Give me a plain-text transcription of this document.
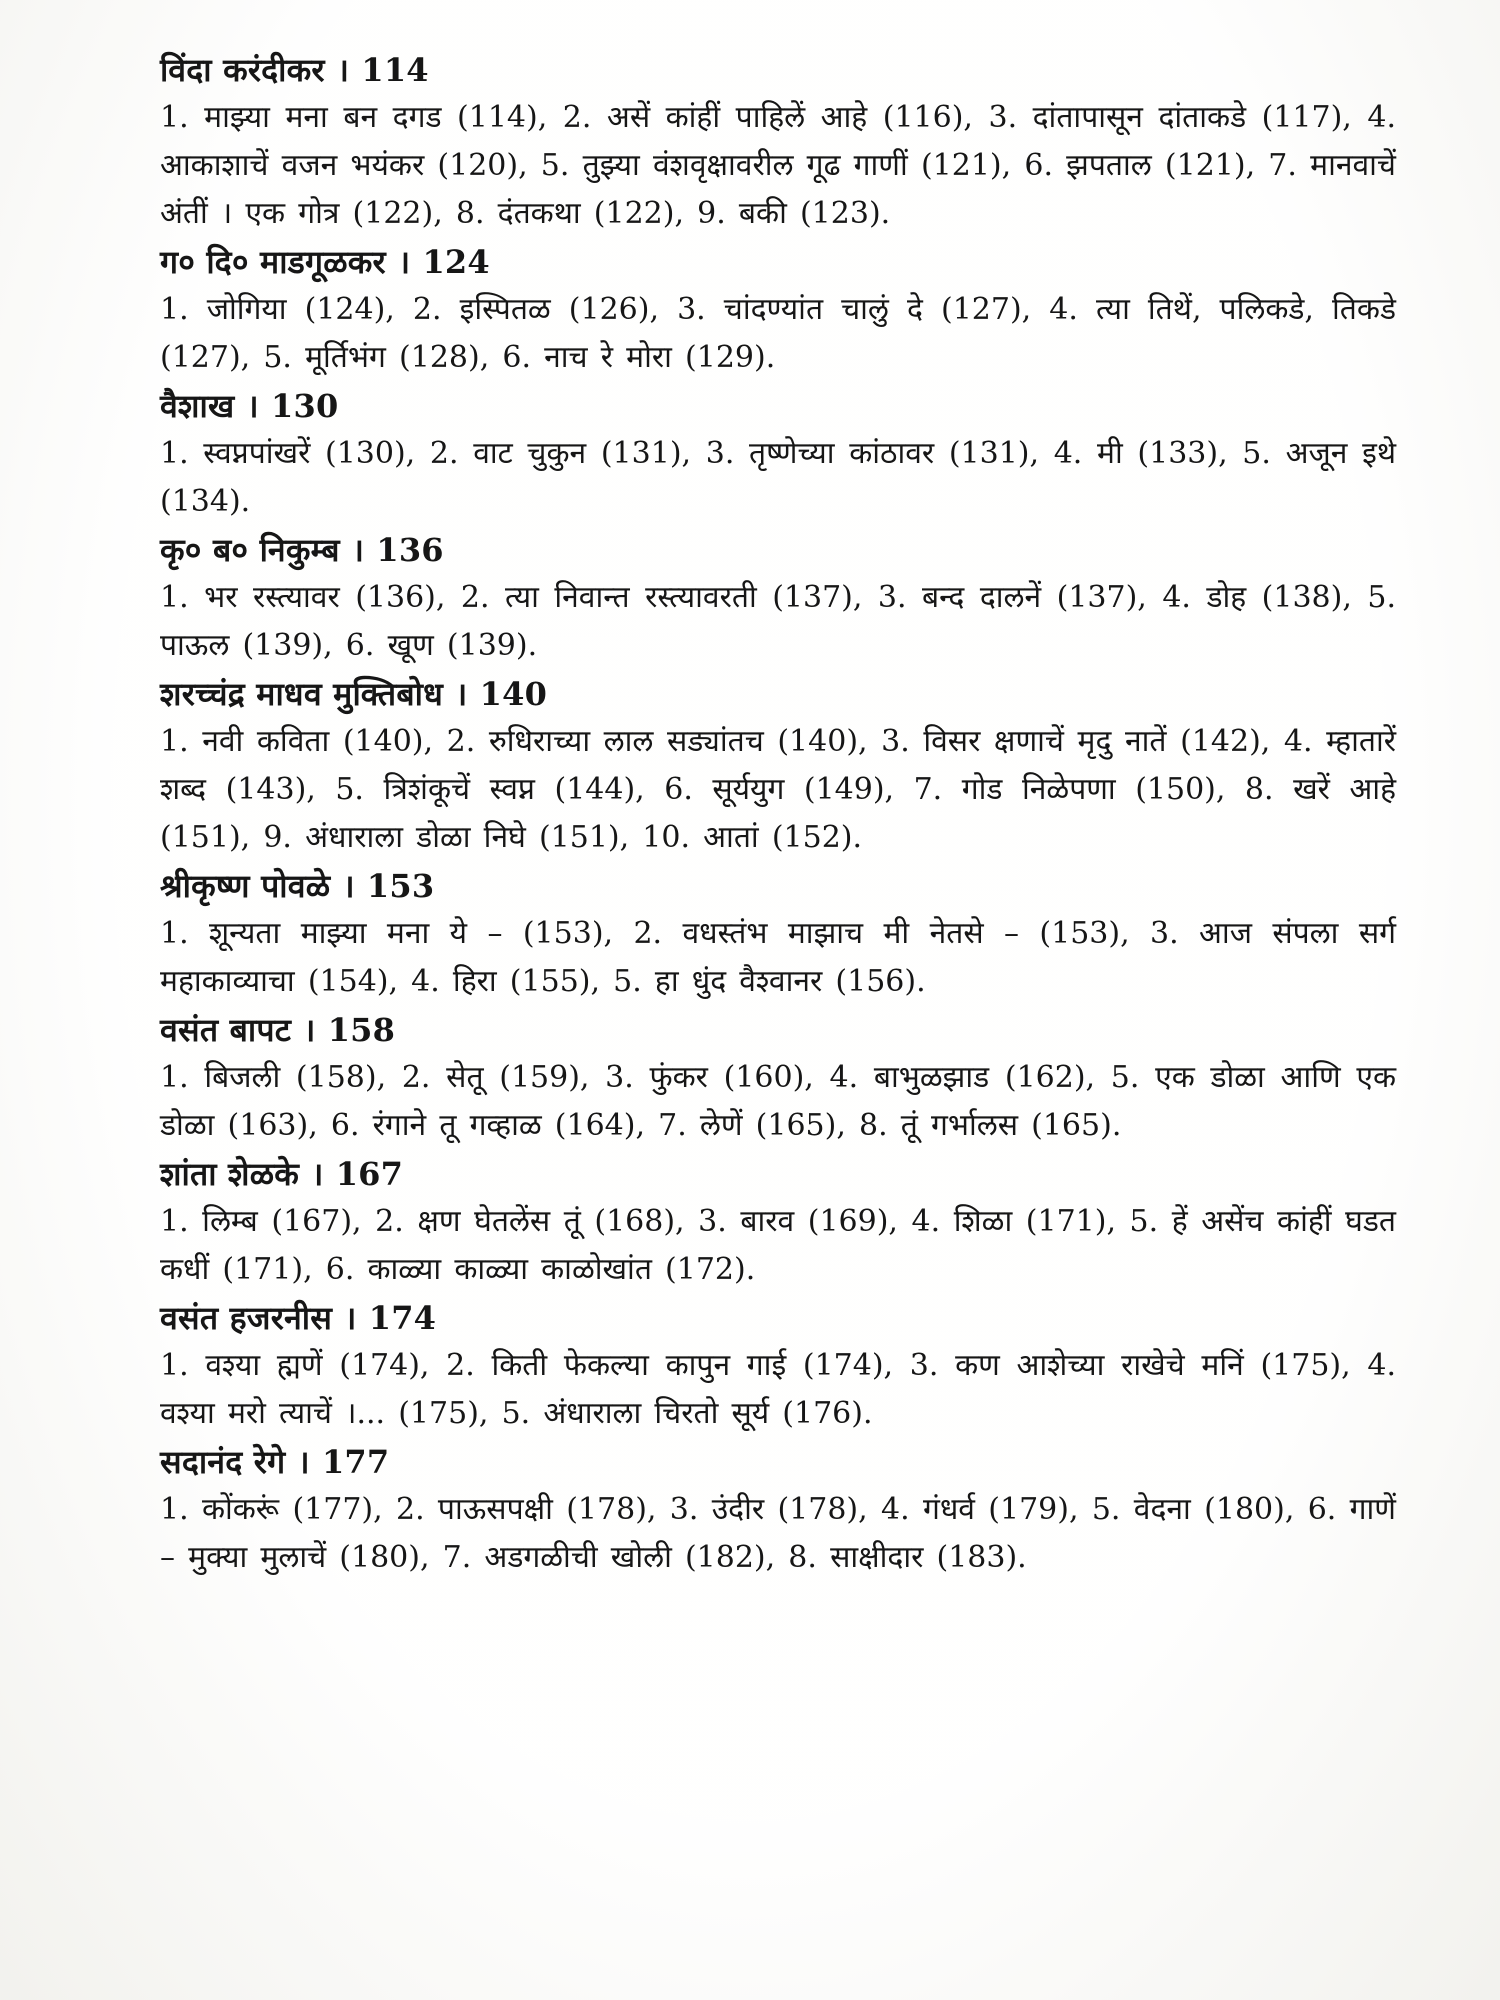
विंदा करंदीकर । 114

1. माझ्या मना बन दगड (114), 2. असें कांहीं पाहिलें आहे (116), 3. दांतापासून दांताकडे (117), 4. आकाशाचें वजन भयंकर (120), 5. तुझ्या वंशवृक्षावरील गूढ गाणीं (121), 6. झपताल (121), 7. मानवाचें अंतीं । एक गोत्र (122), 8. दंतकथा (122), 9. बकी (123).

ग० दि० माडगूळकर । 124

1. जोगिया (124), 2. इस्पितळ (126), 3. चांदण्यांत चालुं दे (127), 4. त्या तिथें, पलिकडे, तिकडे (127), 5. मूर्तिभंग (128), 6. नाच रे मोरा (129).

वैशाख । 130

1. स्वप्नपांखरें (130), 2. वाट चुकुन (131), 3. तृष्णेच्या कांठावर (131), 4. मी (133), 5. अजून इथे (134).

कृ० ब० निकुम्ब । 136

1. भर रस्त्यावर (136), 2. त्या निवान्त रस्त्यावरती (137), 3. बन्द दालनें (137), 4. डोह (138), 5. पाऊल (139), 6. खूण (139).

शरच्चंद्र माधव मुक्तिबोध । 140

1. नवी कविता (140), 2. रुधिराच्या लाल सड्यांतच (140), 3. विसर क्षणाचें मृदु नातें (142), 4. म्हातारें शब्द (143), 5. त्रिशंकूचें स्वप्न (144), 6. सूर्ययुग (149), 7. गोड निळेपणा (150), 8. खरें आहे (151), 9. अंधाराला डोळा निघे (151), 10. आतां (152).

श्रीकृष्ण पोवळे । 153

1. शून्यता माझ्या मना ये – (153), 2. वधस्तंभ माझाच मी नेतसे – (153), 3. आज संपला सर्ग महाकाव्याचा (154), 4. हिरा (155), 5. हा धुंद वैश्वानर (156).

वसंत बापट । 158

1. बिजली (158), 2. सेतू (159), 3. फुंकर (160), 4. बाभुळझाड (162), 5. एक डोळा आणि एक डोळा (163), 6. रंगाने तू गव्हाळ (164), 7. लेणें (165), 8. तूं गर्भालस (165).

शांता शेळके । 167

1. लिम्ब (167), 2. क्षण घेतलेंस तूं (168), 3. बारव (169), 4. शिळा (171), 5. हें असेंच कांहीं घडत कधीं (171), 6. काळ्या काळ्या काळोखांत (172).

वसंत हजरनीस । 174

1. वश्या ह्मणें (174), 2. किती फेकल्या कापुन गाई (174), 3. कण आशेच्या राखेचे मनिं (175), 4. वश्या मरो त्याचें ।... (175), 5. अंधाराला चिरतो सूर्य (176).

सदानंद रेगे । 177

1. कोंकरूं (177), 2. पाऊसपक्षी (178), 3. उंदीर (178), 4. गंधर्व (179), 5. वेदना (180), 6. गाणें – मुक्या मुलाचें (180), 7. अडगळीची खोली (182), 8. साक्षीदार (183).
